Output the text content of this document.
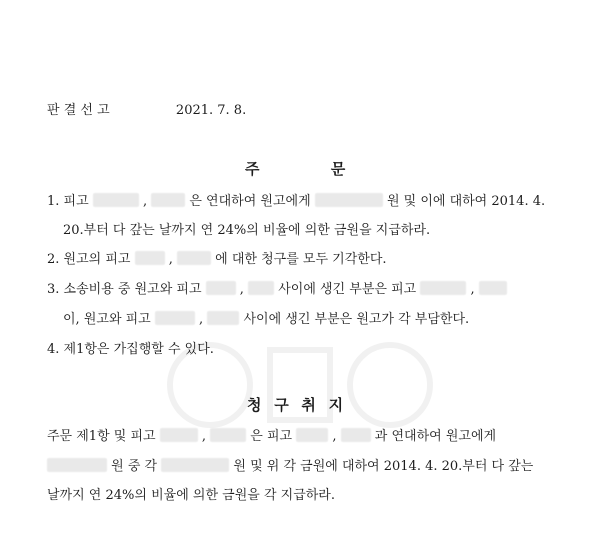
판 결 선 고	2021. 7. 8.
주 문
1. 피고	,	은 연대하여 원고에게	원 및 이에 대하여 2014. 4.
20.부터 다 갚는 날까지 연 24%의 비율에 의한 금원을 지급하라.
2. 원고의 피고	,	에 대한 청구를 모두 기각한다.
3. 소송비용 중 원고와 피고	,	사이에 생긴 부분은 피고	,
이, 원고와 피고	,	사이에 생긴 부분은 원고가 각 부담한다.
4. 제1항은 가집행할 수 있다.
청 구 취 지
주문 제1항 및 피고	,	은 피고	,	과 연대하여 원고에게
원 중 각	원 및 위 각 금원에 대하여 2014. 4. 20.부터 다 갚는
날까지 연 24%의 비율에 의한 금원을 각 지급하라.
